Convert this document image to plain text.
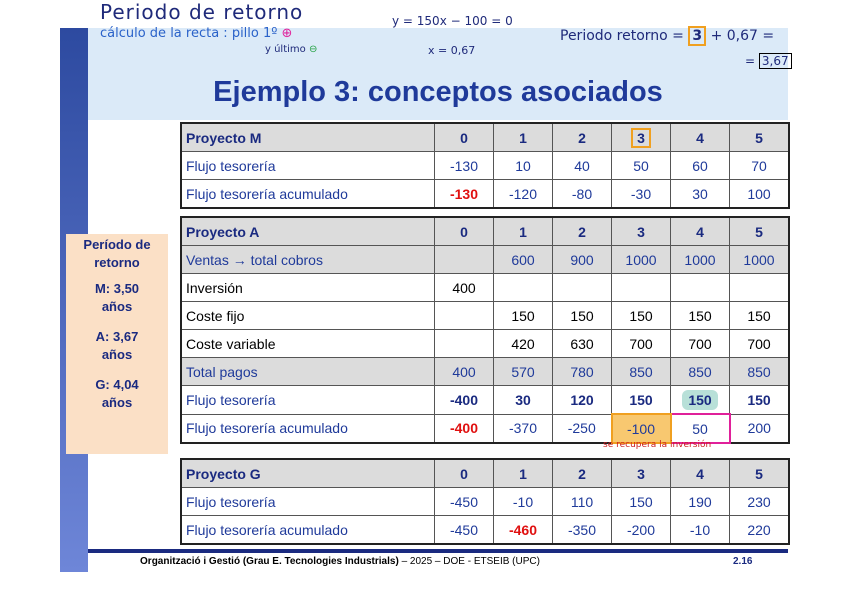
Periodo de retorno
cálculo de la recta : pillo 1º ⊕
y último ⊖
y = 150x − 100 = 0
x = 0,67
Periodo retorno = 3 + 0,67 =
= 3,67
Ejemplo 3: conceptos asociados
Período de
retorno
M: 3,50
años
A: 3,67
años
G: 4,04
años
Proyecto M	0	1	2	3	4	5
Flujo tesorería	-130	10	40	50	60	70
Flujo tesorería acumulado	-130	-120	-80	-30	30	100
Proyecto A	0	1	2	3	4	5
Ventas → total cobros		600	900	1000	1000	1000
Inversión	400					
Coste fijo		150	150	150	150	150
Coste variable		420	630	700	700	700
Total pagos	400	570	780	850	850	850
Flujo tesorería	-400	30	120	150	150	150
Flujo tesorería acumulado	-400	-370	-250	-100	50	200
se recupera la inversión
Proyecto G	0	1	2	3	4	5
Flujo tesorería	-450	-10	110	150	190	230
Flujo tesorería acumulado	-450	-460	-350	-200	-10	220
Organització i Gestió (Grau E. Tecnologies Industrials) – 2025 – DOE - ETSEIB (UPC)	2.16
